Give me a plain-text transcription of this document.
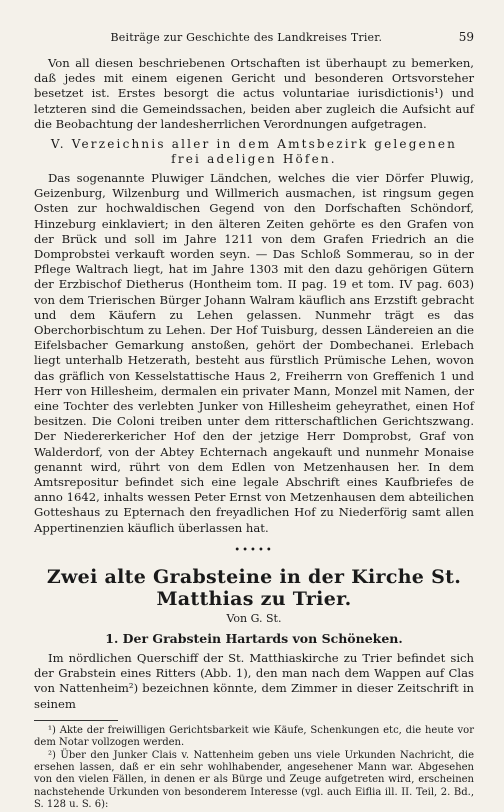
Beiträge zur Geschichte des Landkreises Trier.	59

Von all diesen beschriebenen Ortschaften ist überhaupt zu bemerken, daß jedes mit einem eigenen Gericht und besonderen Ortsvorsteher besetzet ist. Erstes besorgt die actus voluntariae iurisdictionis¹) und letzteren sind die Gemeindssachen, beiden aber zugleich die Aufsicht auf die Beobachtung der landesherrlichen Verordnungen aufgetragen.

V. Verzeichnis aller in dem Amtsbezirk gelegenen frei adeligen Höfen.

Das sogenannte Pluwiger Ländchen, welches die vier Dörfer Pluwig, Geizenburg, Wilzenburg und Willmerich ausmachen, ist ringsum gegen Osten zur hochwaldischen Gegend von den Dorfschaften Schöndorf, Hinzeburg einklaviert; in den älteren Zeiten gehörte es den Grafen von der Brück und soll im Jahre 1211 von dem Grafen Friedrich an die Domprobstei verkauft worden seyn. — Das Schloß Sommerau, so in der Pflege Waltrach liegt, hat im Jahre 1303 mit den dazu gehörigen Gütern der Erzbischof Dietherus (Hontheim tom. II pag. 19 et tom. IV pag. 603) von dem Trierischen Bürger Johann Walram käuflich ans Erzstift gebracht und dem Käufern zu Lehen gelassen. Nunmehr trägt es das Oberchorbischtum zu Lehen. Der Hof Tuisburg, dessen Ländereien an die Eifelsbacher Gemarkung anstoßen, gehört der Dombechanei. Erlebach liegt unterhalb Hetzerath, besteht aus fürstlich Prümische Lehen, wovon das gräflich von Kesselstattische Haus 2, Freiherrn von Greffenich 1 und Herr von Hillesheim, dermalen ein privater Mann, Monzel mit Namen, der eine Tochter des verlebten Junker von Hillesheim geheyrathet, einen Hof besitzen. Die Coloni treiben unter dem ritterschaftlichen Gerichtszwang. Der Niedererkericher Hof den der jetzige Herr Domprobst, Graf von Walderdorf, von der Abtey Echternach angekauft und nunmehr Monaise genannt wird, rührt von dem Edlen von Metzenhausen her. In dem Amtsrepositur befindet sich eine legale Abschrift eines Kaufbriefes de anno 1642, inhalts wessen Peter Ernst von Metzenhausen dem abteilichen Gotteshaus zu Epternach den freyadlichen Hof zu Niederförig samt allen Appertinenzien käuflich überlassen hat.

•••••
Zwei alte Grabsteine in der Kirche St. Matthias zu Trier.
Von G. St.
1. Der Grabstein Hartards von Schöneken.

Im nördlichen Querschiff der St. Matthiaskirche zu Trier befindet sich der Grabstein eines Ritters (Abb. 1), den man nach dem Wappen auf Clas von Nattenheim²) bezeichnen könnte, dem Zimmer in dieser Zeitschrift in seinem

¹) Akte der freiwilligen Gerichtsbarkeit wie Käufe, Schenkungen etc, die heute vor dem Notar vollzogen werden.

²) Über den Junker Clais v. Nattenheim geben uns viele Urkunden Nachricht, die ersehen lassen, daß er ein sehr wohlhabender, angesehener Mann war. Abgesehen von den vielen Fällen, in denen er als Bürge und Zeuge aufgetreten wird, erscheinen nachstehende Urkunden von besonderem Interesse (vgl. auch Eiflia ill. II. Teil, 2. Bd., S. 128 u. S. 6):
